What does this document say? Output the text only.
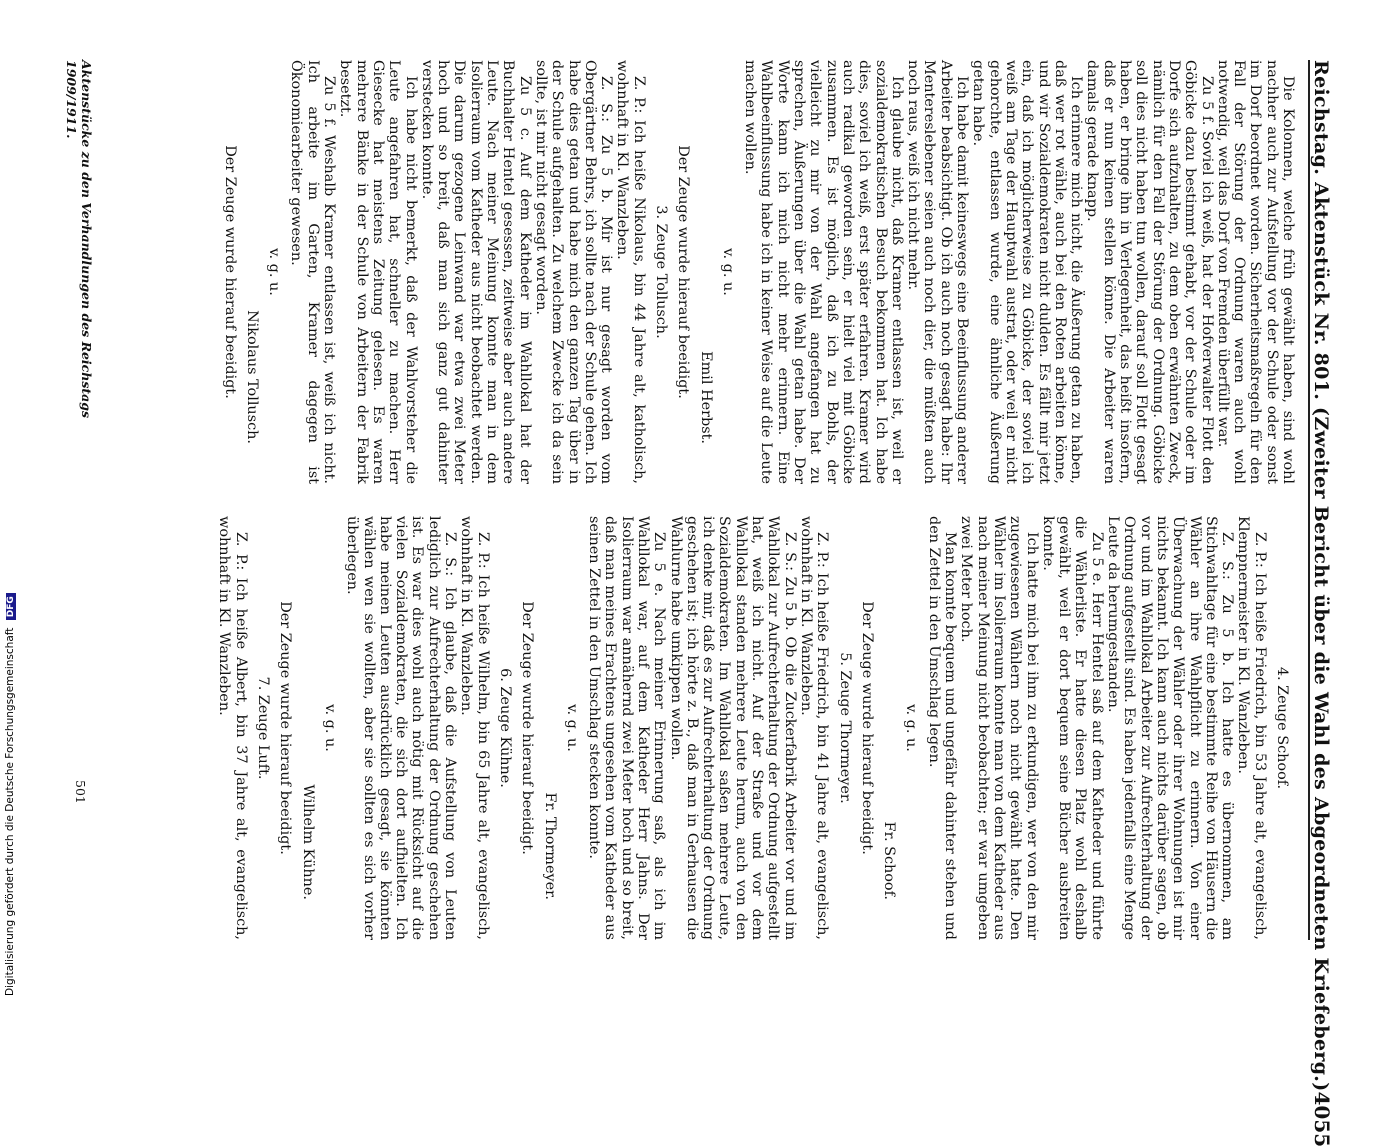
Reichstag. Aktenstück Nr. 801. (Zweiter Bericht über die Wahl des Abgeordneten Kriefeberg.)
4055

Die Kolonnen, welche früh gewählt haben, sind wohl nachher auch zur Aufstellung vor der Schule oder sonst im Dorf beordnet worden. Sicherheitsmaßregeln für den Fall der Störung der Ordnung waren auch wohl notwendig, weil das Dorf von Fremden überfüllt war.

Zu 5 f. Soviel ich weiß, hat der Hofverwalter Flott den Göbicke dazu bestimmt gehabt, vor der Schule oder im Dorfe sich aufzuhalten, zu dem oben erwähnten Zweck, nämlich für den Fall der Störung der Ordnung. Göbicke soll dies nicht haben tun wollen, darauf soll Flott gesagt haben, er bringe ihn in Verlegenheit, das heißt insofern, daß er nun keinen stellen könne. Die Arbeiter waren damals gerade knapp.

Ich erinnere mich nicht, die Äußerung getan zu haben, daß wer rot wähle, auch bei den Roten arbeiten könne, und wir Sozialdemokraten nicht dulden. Es fällt mir jetzt ein, daß ich möglicherweise zu Göbicke, der soviel ich weiß am Tage der Hauptwahl austrat, oder weil er nicht gehorchte, entlassen wurde, eine ähnliche Äußerung getan habe.

Ich habe damit keineswegs eine Beeinflussung anderer Arbeiter beabsichtigt. Ob ich auch noch gesagt habe: Ihr Mentereslebener seien auch noch dier, die müßten auch noch raus, weiß ich nicht mehr.

Ich glaube nicht, daß Kramer entlassen ist, weil er sozialdemokratischen Besuch bekommen hat. Ich habe dies, soviel ich weiß, erst später erfahren. Kramer wird auch radikal geworden sein, er hielt viel mit Göbicke zusammen. Es ist möglich, daß ich zu Bohls, der vielleicht zu mir von der Wahl angefangen hat zu sprechen, Äußerungen über die Wahl getan habe. Der Worte kann ich mich nicht mehr erinnern. Eine Wahlbeeinflussung habe ich in keiner Weise auf die Leute machen wollen.

v. g. u.

Emil Herbst.

Der Zeuge wurde hierauf beeidigt.

3. Zeuge Tollusch.

Z. P.: Ich heiße Nikolaus, bin 44 Jahre alt, katholisch, wohnhaft in Kl. Wanzleben.

Z. S.: Zu 5 b. Mir ist nur gesagt worden vom Obergärtner Behrs, ich sollte nach der Schule gehen. Ich habe dies getan und habe mich den ganzen Tag über in der Schule aufgehalten. Zu welchem Zwecke ich da sein sollte, ist mir nicht gesagt worden.

Zu 5 c. Auf dem Katheder im Wahllokal hat der Buchhalter Hentel gesessen, zeitweise aber auch andere Leute. Nach meiner Meinung konnte man in dem Isolierraum vom Katheder aus nicht beobachtet werden. Die darum gezogene Leinwand war etwa zwei Meter hoch und so breit, daß man sich ganz gut dahinter verstecken konnte.

Ich habe nicht bemerkt, daß der Wahlvorsteher die Leute angefahren hat, schneller zu machen. Herr Giesecke hat meistens Zeitung gelesen. Es waren mehrere Bänke in der Schule von Arbeitern der Fabrik besetzt.

Zu 5 f. Weshalb Kramer entlassen ist, weiß ich nicht. Ich arbeite im Garten, Kramer dagegen ist Ökonomiearbeiter gewesen.

v. g. u.

Nikolaus Tollusch.

Der Zeuge wurde hierauf beeidigt.

4. Zeuge Schoof.

Z. P.: Ich heiße Friedrich, bin 53 Jahre alt, evangelisch, Klempnermeister in Kl. Wanzleben.

Z. S.: Zu 5 b. Ich hatte es übernommen, am Stichwahltage für eine bestimmte Reihe von Häusern die Wähler an ihre Wahlpflicht zu erinnern. Von einer Überwachung der Wähler oder ihrer Wohnungen ist mir nichts bekannt. Ich kann auch nichts darüber sagen, ob vor und im Wahllokal Arbeiter zur Aufrechterhaltung der Ordnung aufgestellt sind. Es haben jedenfalls eine Menge Leute da herumgestanden.

Zu 5 e. Herr Hentel saß auf dem Katheder und führte die Wählerliste. Er hatte diesen Platz wohl deshalb gewählt, weil er dort bequem seine Bücher ausbreiten konnte.

Ich hatte mich bei ihm zu erkundigen, wer von den mir zugewiesenen Wählern noch nicht gewählt hatte. Den Wähler im Isolierraum konnte man von dem Katheder aus nach meiner Meinung nicht beobachten; er war umgeben zwei Meter hoch.

Man konnte bequem und ungefähr dahinter stehen und den Zettel in den Umschlag legen.

v. g. u.

Fr. Schoof.

Der Zeuge wurde hierauf beeidigt.

5. Zeuge Thormeyer.

Z. P.: Ich heiße Friedrich, bin 41 Jahre alt, evangelisch, wohnhaft in Kl. Wanzleben.

Z. S.: Zu 5 b. Ob die Zuckerfabrik Arbeiter vor und im Wahllokal zur Aufrechterhaltung der Ordnung aufgestellt hat, weiß ich nicht. Auf der Straße und vor dem Wahllokal standen mehrere Leute herum, auch von den Sozialdemokraten. Im Wahllokal saßen mehrere Leute, ich denke mir, daß es zur Aufrechterhaltung der Ordnung geschehen ist; ich hörte z. B., daß man in Gerhausen die Wahlurne habe umkippen wollen.

Zu 5 e. Nach meiner Erinnerung saß, als ich im Wahllokal war, auf dem Katheder Herr Jahns. Der Isolierraum war annähernd zwei Meter hoch und so breit, daß man meines Erachtens ungesehen vom Katheder aus seinen Zettel in den Umschlag stecken konnte.

v. g. u.

Fr. Thormeyer.

Der Zeuge wurde hierauf beeidigt.

6. Zeuge Kühne.

Z. P.: Ich heiße Wilhelm, bin 65 Jahre alt, evangelisch, wohnhaft in Kl. Wanzleben.

Z. S.: Ich glaube, daß die Aufstellung von Leuten lediglich zur Aufrechterhaltung der Ordnung geschehen ist. Es war dies wohl auch nötig mit Rücksicht auf die vielen Sozialdemokraten, die sich dort aufhielten. Ich habe meinen Leuten ausdrücklich gesagt, sie könnten wählen wen sie wollten, aber sie sollten es sich vorher überlegen.

v. g. u.

Wilhelm Kühne.

Der Zeuge wurde hierauf beeidigt.

7. Zeuge Luft.

Z. P.: Ich heiße Albert, bin 37 Jahre alt, evangelisch, wohnhaft in Kl. Wanzleben.

Aktenstücke zu den Verhandlungen des Reichstags 1909/1911.
501
Digitalisierung gefördert durch die Deutsche Forschungsgemeinschaft DFG
